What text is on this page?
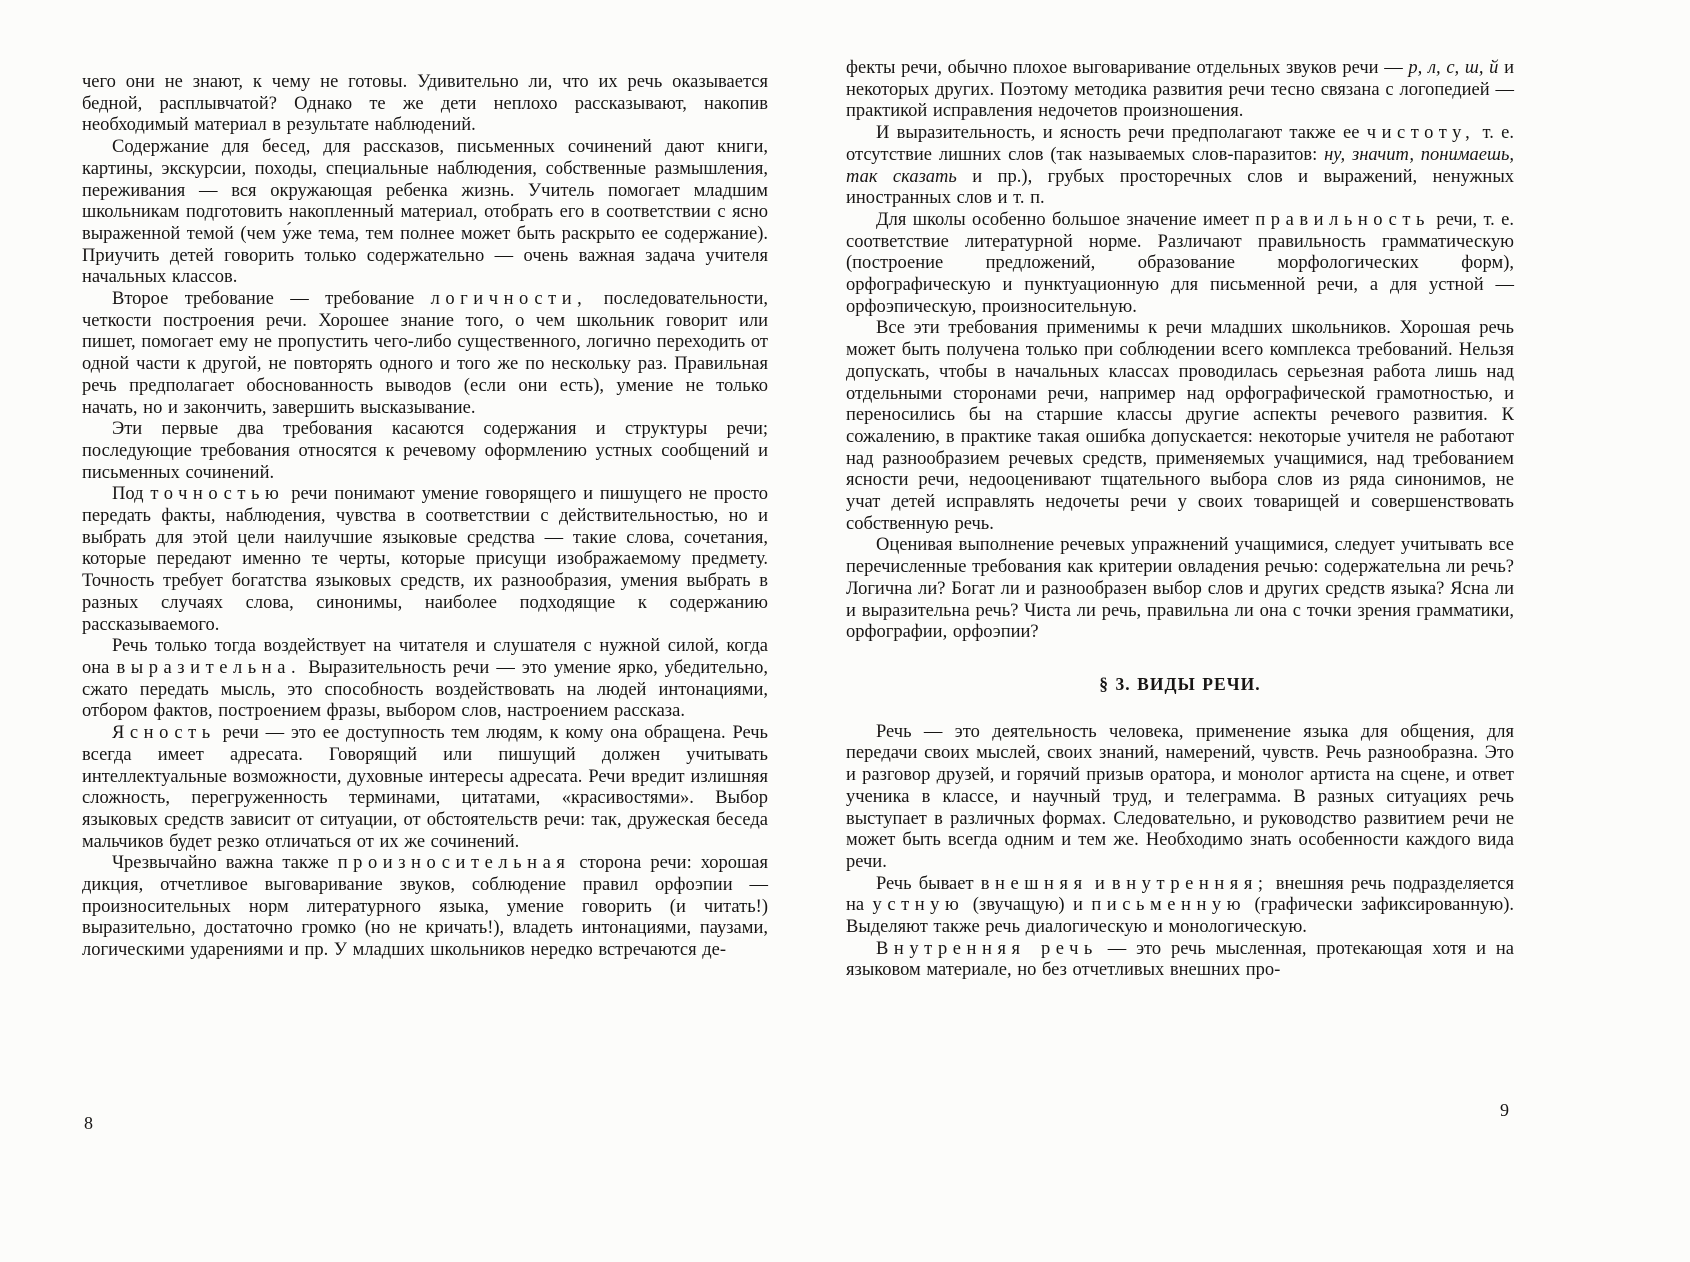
чего они не знают, к чему не готовы. Удивительно ли, что их речь оказывается бедной, расплывчатой? Однако те же дети неплохо рассказывают, накопив необходимый материал в результате наблюдений.

Содержание для бесед, для рассказов, письменных сочинений дают книги, картины, экскурсии, походы, специальные наблюдения, собственные размышления, переживания — вся окружающая ребенка жизнь. Учитель помогает младшим школьникам подготовить накопленный материал, отобрать его в соответствии с ясно выраженной темой (чем у́же тема, тем полнее может быть раскрыто ее содержание). Приучить детей говорить только содержательно — очень важная задача учителя начальных классов.

Второе требование — требование логичности, последовательности, четкости построения речи. Хорошее знание того, о чем школьник говорит или пишет, помогает ему не пропустить чего-либо существенного, логично переходить от одной части к другой, не повторять одного и того же по нескольку раз. Правильная речь предполагает обоснованность выводов (если они есть), умение не только начать, но и закончить, завершить высказывание.

Эти первые два требования касаются содержания и структуры речи; последующие требования относятся к речевому оформлению устных сообщений и письменных сочинений.

Под точностью речи понимают умение говорящего и пишущего не просто передать факты, наблюдения, чувства в соответствии с действительностью, но и выбрать для этой цели наилучшие языковые средства — такие слова, сочетания, которые передают именно те черты, которые присущи изображаемому предмету. Точность требует богатства языковых средств, их разнообразия, умения выбрать в разных случаях слова, синонимы, наиболее подходящие к содержанию рассказываемого.

Речь только тогда воздействует на читателя и слушателя с нужной силой, когда она выразительна. Выразительность речи — это умение ярко, убедительно, сжато передать мысль, это способность воздействовать на людей интонациями, отбором фактов, построением фразы, выбором слов, настроением рассказа.

Ясность речи — это ее доступность тем людям, к кому она обращена. Речь всегда имеет адресата. Говорящий или пишущий должен учитывать интеллектуальные возможности, духовные интересы адресата. Речи вредит излишняя сложность, перегруженность терминами, цитатами, «красивостями». Выбор языковых средств зависит от ситуации, от обстоятельств речи: так, дружеская беседа мальчиков будет резко отличаться от их же сочинений.

Чрезвычайно важна также произносительная сторона речи: хорошая дикция, отчетливое выговаривание звуков, соблюдение правил орфоэпии — произносительных норм литературного языка, умение говорить (и читать!) выразительно, достаточно громко (но не кричать!), владеть интонациями, паузами, логическими ударениями и пр. У младших школьников нередко встречаются де-

фекты речи, обычно плохое выговаривание отдельных звуков речи — р, л, с, ш, й и некоторых других. Поэтому методика развития речи тесно связана с логопедией — практикой исправления недочетов произношения.

И выразительность, и ясность речи предполагают также ее чистоту, т. е. отсутствие лишних слов (так называемых слов-паразитов: ну, значит, понимаешь, так сказать и пр.), грубых просторечных слов и выражений, ненужных иностранных слов и т. п.

Для школы особенно большое значение имеет правильность речи, т. е. соответствие литературной норме. Различают правильность грамматическую (построение предложений, образование морфологических форм), орфографическую и пунктуационную для письменной речи, а для устной — орфоэпическую, произносительную.

Все эти требования применимы к речи младших школьников. Хорошая речь может быть получена только при соблюдении всего комплекса требований. Нельзя допускать, чтобы в начальных классах проводилась серьезная работа лишь над отдельными сторонами речи, например над орфографической грамотностью, и переносились бы на старшие классы другие аспекты речевого развития. К сожалению, в практике такая ошибка допускается: некоторые учителя не работают над разнообразием речевых средств, применяемых учащимися, над требованием ясности речи, недооценивают тщательного выбора слов из ряда синонимов, не учат детей исправлять недочеты речи у своих товарищей и совершенствовать собственную речь.

Оценивая выполнение речевых упражнений учащимися, следует учитывать все перечисленные требования как критерии овладения речью: содержательна ли речь? Логична ли? Богат ли и разнообразен выбор слов и других средств языка? Ясна ли и выразительна речь? Чиста ли речь, правильна ли она с точки зрения грамматики, орфографии, орфоэпии?

§ 3. ВИДЫ РЕЧИ.

Речь — это деятельность человека, применение языка для общения, для передачи своих мыслей, своих знаний, намерений, чувств. Речь разнообразна. Это и разговор друзей, и горячий призыв оратора, и монолог артиста на сцене, и ответ ученика в классе, и научный труд, и телеграмма. В разных ситуациях речь выступает в различных формах. Следовательно, и руководство развитием речи не может быть всегда одним и тем же. Необходимо знать особенности каждого вида речи.

Речь бывает внешняя и внутренняя; внешняя речь подразделяется на устную (звучащую) и письменную (графически зафиксированную). Выделяют также речь диалогическую и монологическую.

Внутренняя речь — это речь мысленная, протекающая хотя и на языковом материале, но без отчетливых внешних про-

8
9
